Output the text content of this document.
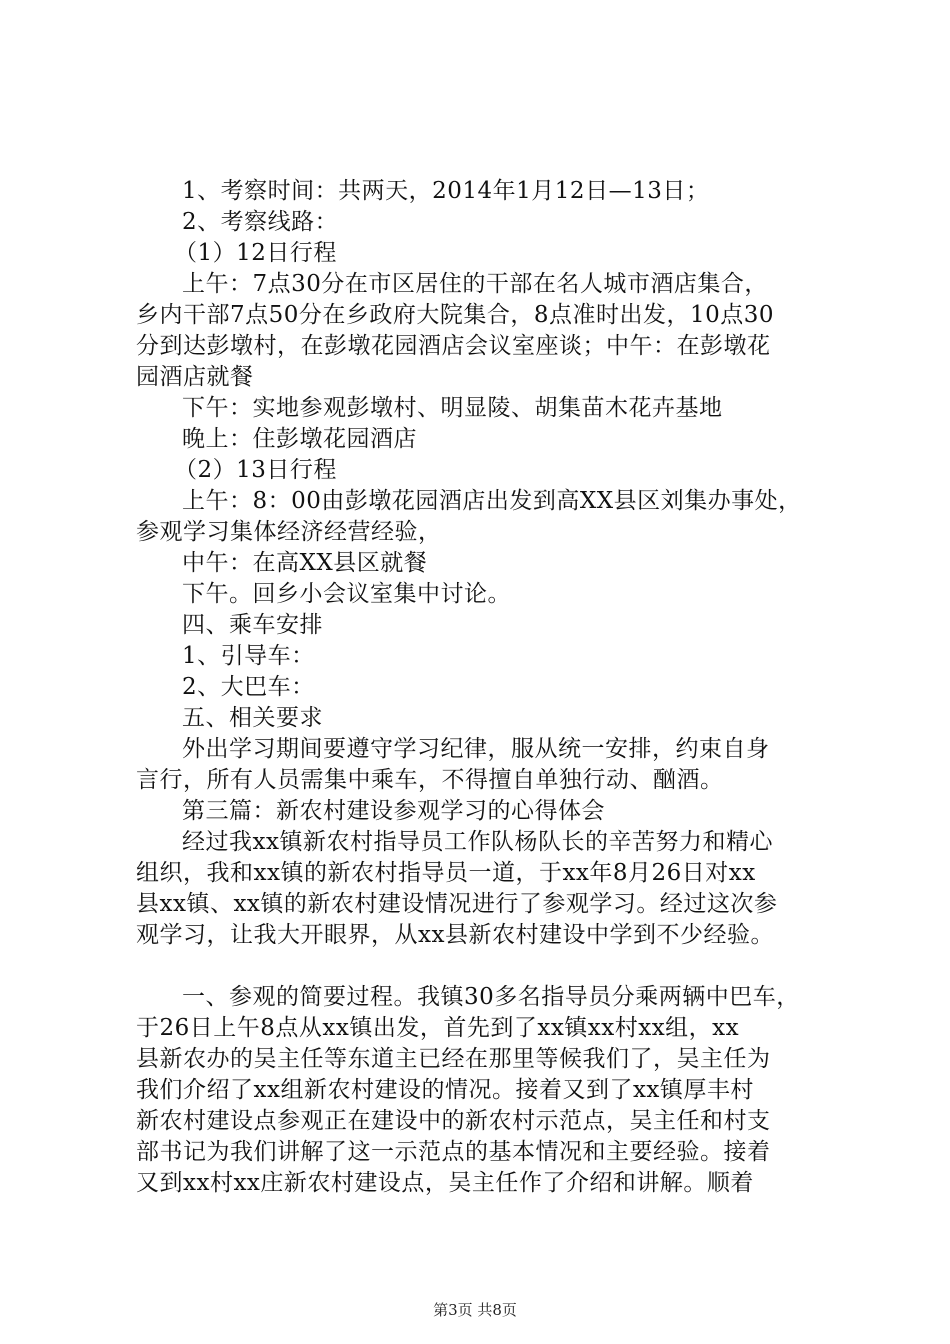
1、考察时间：共两天，2014年1月12日—13日；
2、考察线路：
（1）12日行程
上午：7点30分在市区居住的干部在名人城市酒店集合，
乡内干部7点50分在乡政府大院集合，8点准时出发，10点30
分到达彭墩村，在彭墩花园酒店会议室座谈；中午：在彭墩花
园酒店就餐
下午：实地参观彭墩村、明显陵、胡集苗木花卉基地
晚上：住彭墩花园酒店
（2）13日行程
上午：8：00由彭墩花园酒店出发到高XX县区刘集办事处，
参观学习集体经济经营经验，
中午：在高XX县区就餐
下午。回乡小会议室集中讨论。
四、乘车安排
1、引导车：
2、大巴车：
五、相关要求
外出学习期间要遵守学习纪律，服从统一安排，约束自身
言行，所有人员需集中乘车，不得擅自单独行动、酗酒。
第三篇：新农村建设参观学习的心得体会
经过我xx镇新农村指导员工作队杨队长的辛苦努力和精心
组织，我和xx镇的新农村指导员一道，于xx年8月26日对xx
县xx镇、xx镇的新农村建设情况进行了参观学习。经过这次参
观学习，让我大开眼界，从xx县新农村建设中学到不少经验。
一、参观的简要过程。我镇30多名指导员分乘两辆中巴车，
于26日上午8点从xx镇出发，首先到了xx镇xx村xx组，xx
县新农办的吴主任等东道主已经在那里等候我们了，吴主任为
我们介绍了xx组新农村建设的情况。接着又到了xx镇厚丰村
新农村建设点参观正在建设中的新农村示范点，吴主任和村支
部书记为我们讲解了这一示范点的基本情况和主要经验。接着
又到xx村xx庄新农村建设点，吴主任作了介绍和讲解。顺着
第3页 共8页
